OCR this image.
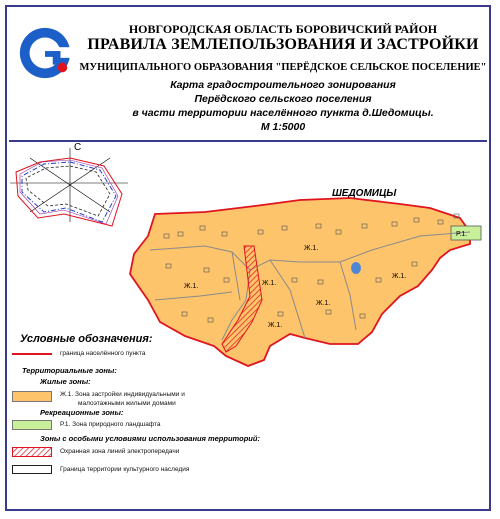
НОВГОРОДСКАЯ ОБЛАСТЬ БОРОВИЧСКИЙ РАЙОН
ПРАВИЛА ЗЕМЛЕПОЛЬЗОВАНИЯ И ЗАСТРОЙКИ
МУНИЦИПАЛЬНОГО ОБРАЗОВАНИЯ "ПЕРЁДСКОЕ СЕЛЬСКОЕ ПОСЕЛЕНИЕ"
Карта градостроительного зонирования
Перёдского сельского поселения
в части территории населённого пункта д.Шедомицы.
М 1:5000
С
ШЕДОМИЦЫ
Ж.1.
Ж.1.	Ж.1.
Ж.1.
Ж.1.
Ж.1.
Р.1.
Условные обозначения:
граница населённого пункта
Территориальные зоны:
Жилые зоны:
Ж.1. Зона застройки индивидуальными и
малоэтажными жилыми домами
Рекреационные зоны:
Р.1. Зона природного ландшафта
Зоны с особыми условиями использования территорий:
Охранная зона линий электропередачи
Граница территории культурного наследия
